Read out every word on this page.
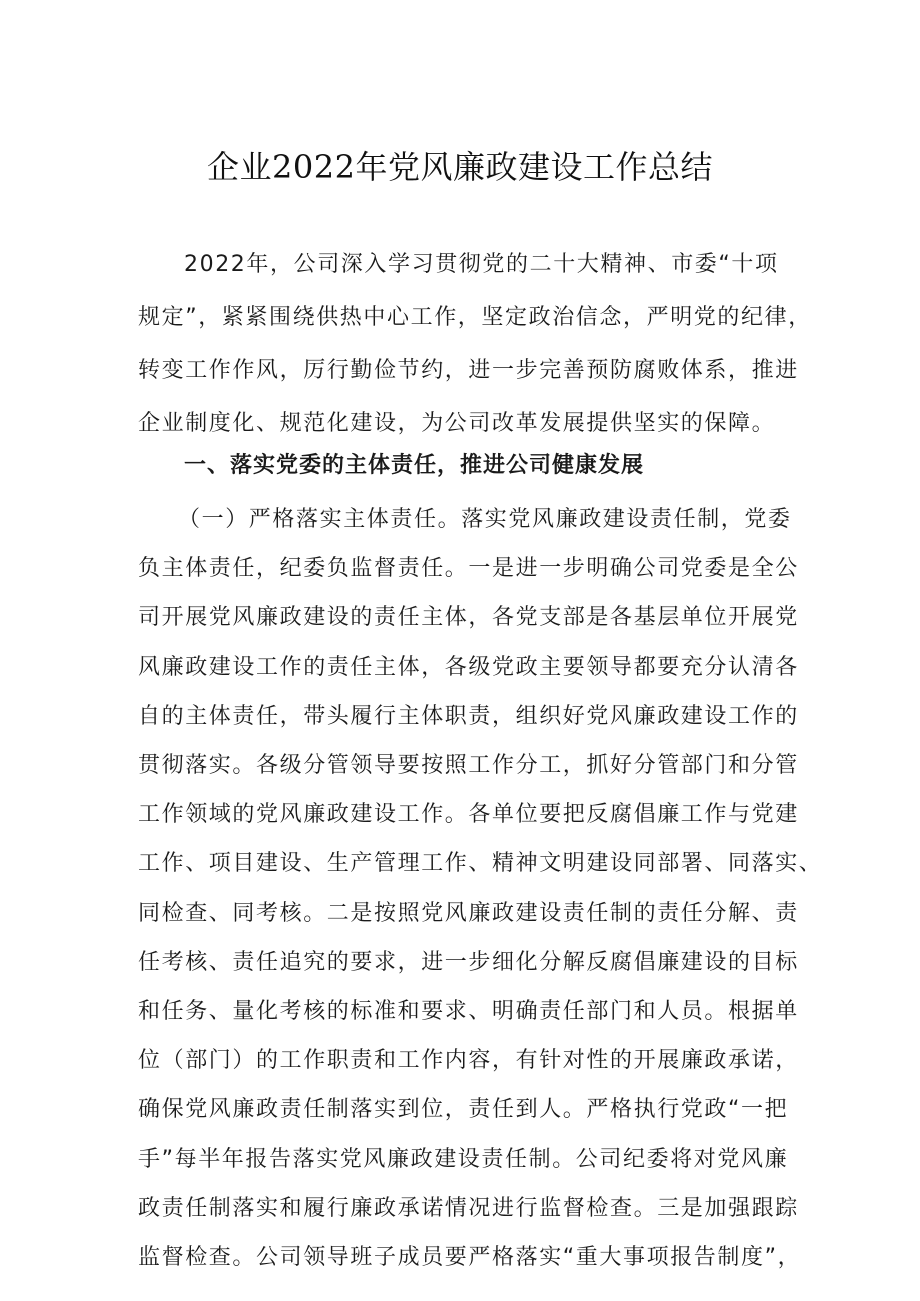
企业2022年党风廉政建设工作总结
2022年，公司深入学习贯彻党的二十大精神、市委“十项
规定”，紧紧围绕供热中心工作，坚定政治信念，严明党的纪律，
转变工作作风，厉行勤俭节约，进一步完善预防腐败体系，推进
企业制度化、规范化建设，为公司改革发展提供坚实的保障。
一、落实党委的主体责任，推进公司健康发展
（一）严格落实主体责任。落实党风廉政建设责任制，党委
负主体责任，纪委负监督责任。一是进一步明确公司党委是全公
司开展党风廉政建设的责任主体，各党支部是各基层单位开展党
风廉政建设工作的责任主体，各级党政主要领导都要充分认清各
自的主体责任，带头履行主体职责，组织好党风廉政建设工作的
贯彻落实。各级分管领导要按照工作分工，抓好分管部门和分管
工作领域的党风廉政建设工作。各单位要把反腐倡廉工作与党建
工作、项目建设、生产管理工作、精神文明建设同部署、同落实、
同检查、同考核。二是按照党风廉政建设责任制的责任分解、责
任考核、责任追究的要求，进一步细化分解反腐倡廉建设的目标
和任务、量化考核的标准和要求、明确责任部门和人员。根据单
位（部门）的工作职责和工作内容，有针对性的开展廉政承诺，
确保党风廉政责任制落实到位，责任到人。严格执行党政“一把
手”每半年报告落实党风廉政建设责任制。公司纪委将对党风廉
政责任制落实和履行廉政承诺情况进行监督检查。三是加强跟踪
监督检查。公司领导班子成员要严格落实“重大事项报告制度”，
